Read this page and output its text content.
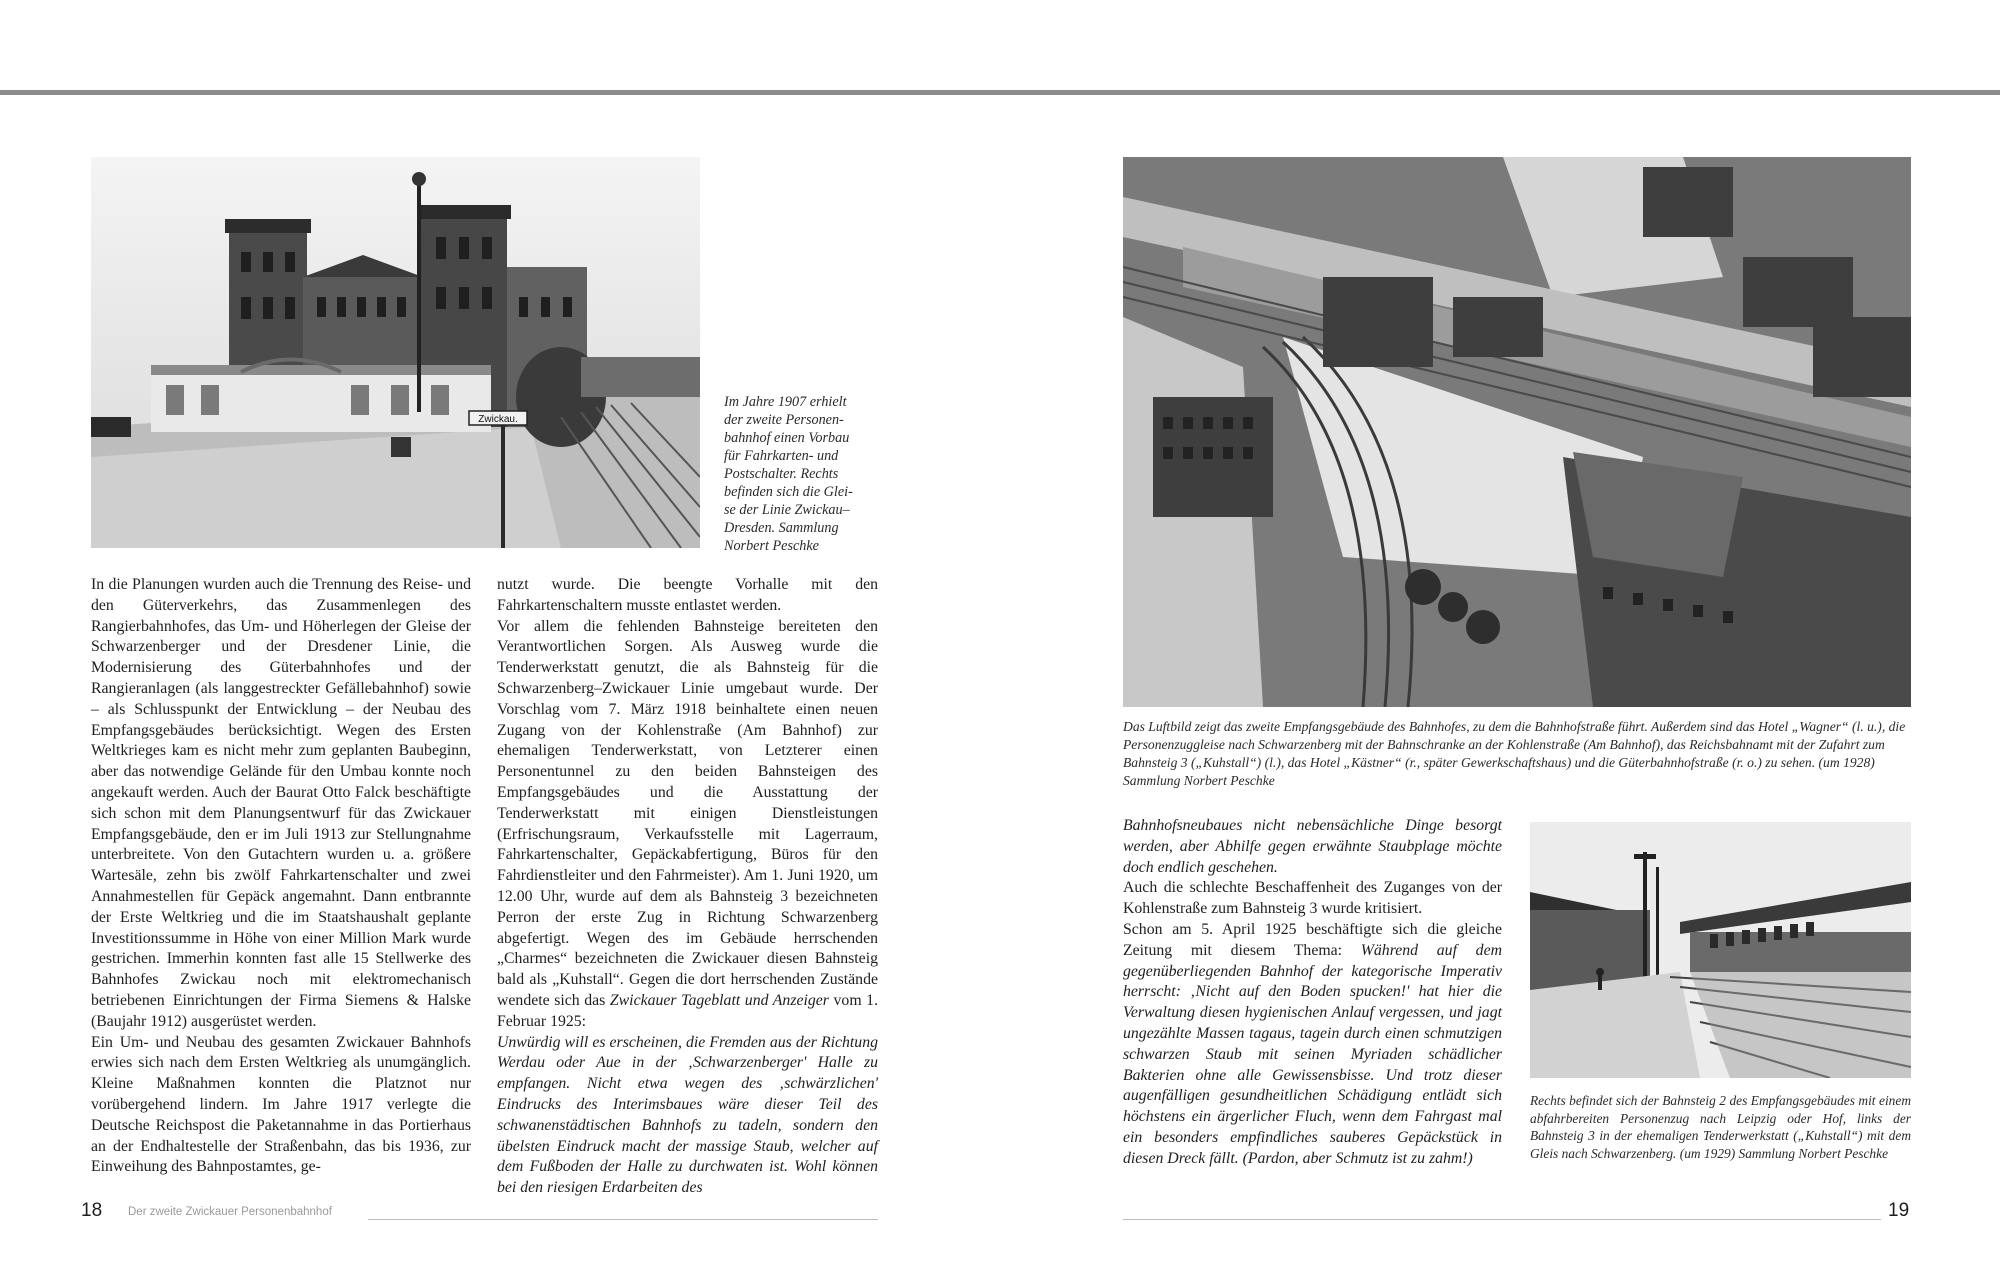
Zwickau.
Im Jahre 1907 erhielt
der zweite Personen-
bahnhof einen Vorbau
für Fahrkarten- und
Postschalter. Rechts
befinden sich die Glei-
se der Linie Zwickau–
Dresden. Sammlung
Norbert Peschke

In die Planungen wurden auch die Trennung des Reise- und den Güterverkehrs, das Zusammenlegen des Rangierbahnhofes, das Um- und Höherlegen der Gleise der Schwarzenberger und der Dresdener Linie, die Modernisierung des Güterbahnhofes und der Rangieranlagen (als langgestreckter Gefällebahnhof) sowie – als Schlusspunkt der Entwicklung – der Neubau des Empfangsgebäudes berücksichtigt. Wegen des Ersten Weltkrieges kam es nicht mehr zum geplanten Baubeginn, aber das notwendige Gelände für den Umbau konnte noch angekauft werden. Auch der Baurat Otto Falck beschäftigte sich schon mit dem Planungsentwurf für das Zwickauer Empfangsgebäude, den er im Juli 1913 zur Stellungnahme unterbreitete. Von den Gutachtern wurden u. a. größere Wartesäle, zehn bis zwölf Fahrkartenschalter und zwei Annahmestellen für Gepäck angemahnt. Dann entbrannte der Erste Weltkrieg und die im Staatshaushalt geplante Investitionssumme in Höhe von einer Million Mark wurde gestrichen. Immerhin konnten fast alle 15 Stellwerke des Bahnhofes Zwickau noch mit elektromechanisch betriebenen Einrichtungen der Firma Siemens & Halske (Baujahr 1912) ausgerüstet werden.

Ein Um- und Neubau des gesamten Zwickauer Bahnhofs erwies sich nach dem Ersten Weltkrieg als unumgänglich. Kleine Maßnahmen konnten die Platznot nur vorübergehend lindern. Im Jahre 1917 verlegte die Deutsche Reichspost die Paketannahme in das Portierhaus an der Endhaltestelle der Straßenbahn, das bis 1936, zur Einweihung des Bahnpostamtes, ge-

nutzt wurde. Die beengte Vorhalle mit den Fahrkartenschaltern musste entlastet werden.

Vor allem die fehlenden Bahnsteige bereiteten den Verantwortlichen Sorgen. Als Ausweg wurde die Tenderwerkstatt genutzt, die als Bahnsteig für die Schwarzenberg–Zwickauer Linie umgebaut wurde. Der Vorschlag vom 7. März 1918 beinhaltete einen neuen Zugang von der Kohlenstraße (Am Bahnhof) zur ehemaligen Tenderwerkstatt, von Letzterer einen Personentunnel zu den beiden Bahnsteigen des Empfangsgebäudes und die Ausstattung der Tenderwerkstatt mit einigen Dienstleistungen (Erfrischungsraum, Verkaufsstelle mit Lagerraum, Fahrkartenschalter, Gepäckabfertigung, Büros für den Fahrdienstleiter und den Fahrmeister). Am 1. Juni 1920, um 12.00 Uhr, wurde auf dem als Bahnsteig 3 bezeichneten Perron der erste Zug in Richtung Schwarzenberg abgefertigt. Wegen des im Gebäude herrschenden „Charmes“ bezeichneten die Zwickauer diesen Bahnsteig bald als „Kuhstall“. Gegen die dort herrschenden Zustände wendete sich das Zwickauer Tageblatt und Anzeiger vom 1. Februar 1925:

Unwürdig will es erscheinen, die Fremden aus der Richtung Werdau oder Aue in der ‚Schwarzenberger' Halle zu empfangen. Nicht etwa wegen des ‚schwärzlichen' Eindrucks des Interimsbaues wäre dieser Teil des schwanenstädtischen Bahnhofs zu tadeln, sondern den übelsten Eindruck macht der massige Staub, welcher auf dem Fußboden der Halle zu durchwaten ist. Wohl können bei den riesigen Erdarbeiten des

18 Der zweite Zwickauer Personenbahnhof

Das Luftbild zeigt das zweite Empfangsgebäude des Bahnhofes, zu dem die Bahnhofstraße führt. Außerdem sind das Hotel „Wagner“ (l. u.), die Personenzuggleise nach Schwarzenberg mit der Bahnschranke an der Kohlenstraße (Am Bahnhof), das Reichsbahnamt mit der Zufahrt zum Bahnsteig 3 („Kuhstall“) (l.), das Hotel „Kästner“ (r., später Gewerkschaftshaus) und die Güterbahnhofstraße (r. o.) zu sehen. (um 1928) Sammlung Norbert Peschke

Bahnhofsneubaues nicht nebensächliche Dinge besorgt werden, aber Abhilfe gegen erwähnte Staubplage möchte doch endlich geschehen.

Auch die schlechte Beschaffenheit des Zuganges von der Kohlenstraße zum Bahnsteig 3 wurde kritisiert.

Schon am 5. April 1925 beschäftigte sich die gleiche Zeitung mit diesem Thema: Während auf dem gegenüberliegenden Bahnhof der kategorische Imperativ herrscht: ‚Nicht auf den Boden spucken!' hat hier die Verwaltung diesen hygienischen Anlauf vergessen, und jagt ungezählte Massen tagaus, tagein durch einen schmutzigen schwarzen Staub mit seinen Myriaden schädlicher Bakterien ohne alle Gewissensbisse. Und trotz dieser augenfälligen gesundheitlichen Schädigung entlädt sich höchstens ein ärgerlicher Fluch, wenn dem Fahrgast mal ein besonders empfindliches sauberes Gepäckstück in diesen Dreck fällt. (Pardon, aber Schmutz ist zu zahm!)

Rechts befindet sich der Bahnsteig 2 des Empfangsgebäudes mit einem abfahrbereiten Personenzug nach Leipzig oder Hof, links der Bahnsteig 3 in der ehemaligen Tenderwerkstatt („Kuhstall“) mit dem Gleis nach Schwarzenberg. (um 1929) Sammlung Norbert Peschke
19
